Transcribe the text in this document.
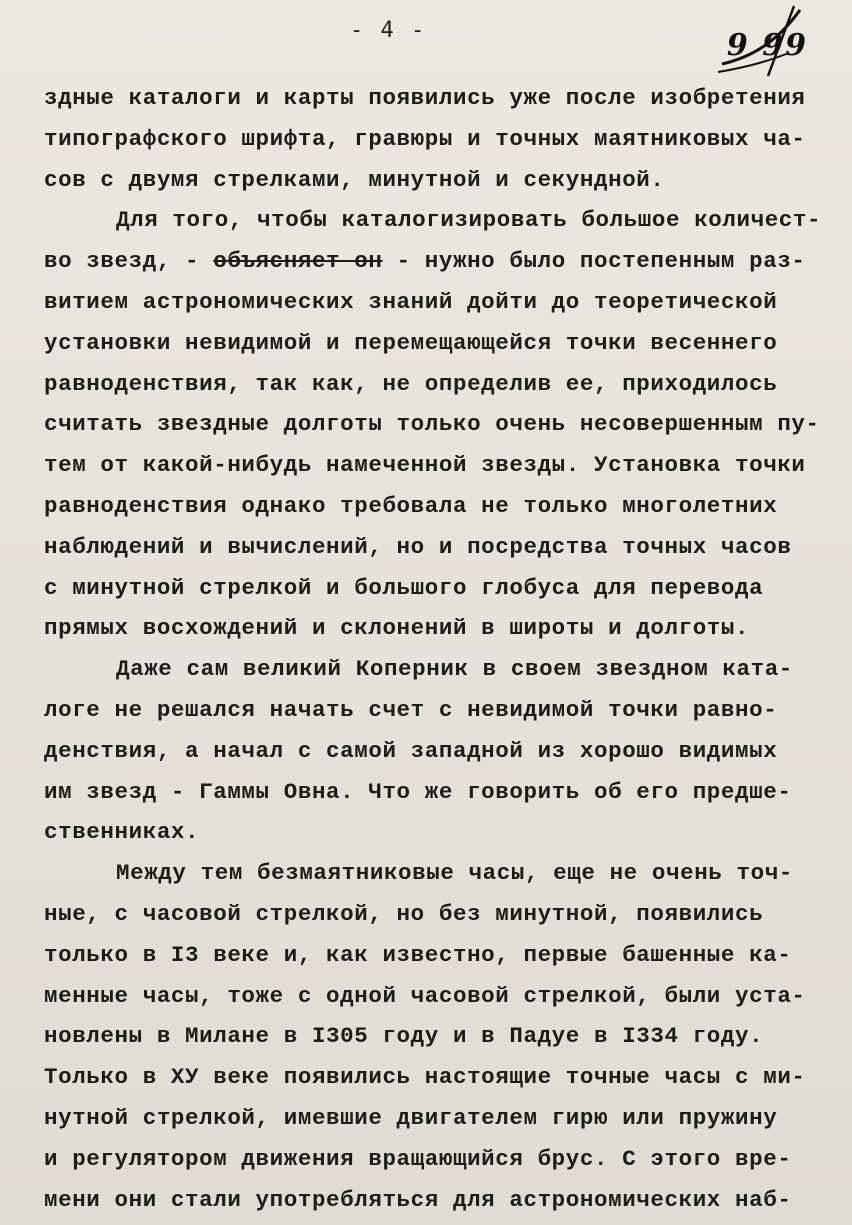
- 4 -	9 99

здные каталоги и карты появились уже после изобретения

типографского шрифта, гравюры и точных маятниковых ча-

сов с двумя стрелками, минутной и секундной.

Для того, чтобы каталогизировать большое количест-

во звезд, - объясняет он - нужно было постепенным раз-

витием астрономических знаний дойти до теоретической

установки невидимой и перемещающейся точки весеннего

равноденствия, так как, не определив ее, приходилось

считать звездные долготы только очень несовершенным пу-

тем от какой-нибудь намеченной звезды. Установка точки

равноденствия однако требовала не только многолетних

наблюдений и вычислений, но и посредства точных часов

с минутной стрелкой и большого глобуса для перевода

прямых восхождений и склонений в широты и долготы.

Даже сам великий Коперник в своем звездном ката-

логе не решался начать счет с невидимой точки равно-

денствия, а начал с самой западной из хорошо видимых

им звезд - Гаммы Овна. Что же говорить об его предше-

ственниках.

Между тем безмаятниковые часы, еще не очень точ-

ные, с часовой стрелкой, но без минутной, появились

только в I3 веке и, как известно, первые башенные ка-

менные часы, тоже с одной часовой стрелкой, были уста-

новлены в Милане в I305 году и в Падуе в I334 году.

Только в ХУ веке появились настоящие точные часы с ми-

нутной стрелкой, имевшие двигателем гирю или пружину

и регулятором движения вращающийся брус. С этого вре-

мени они стали употребляться для астрономических наб-
